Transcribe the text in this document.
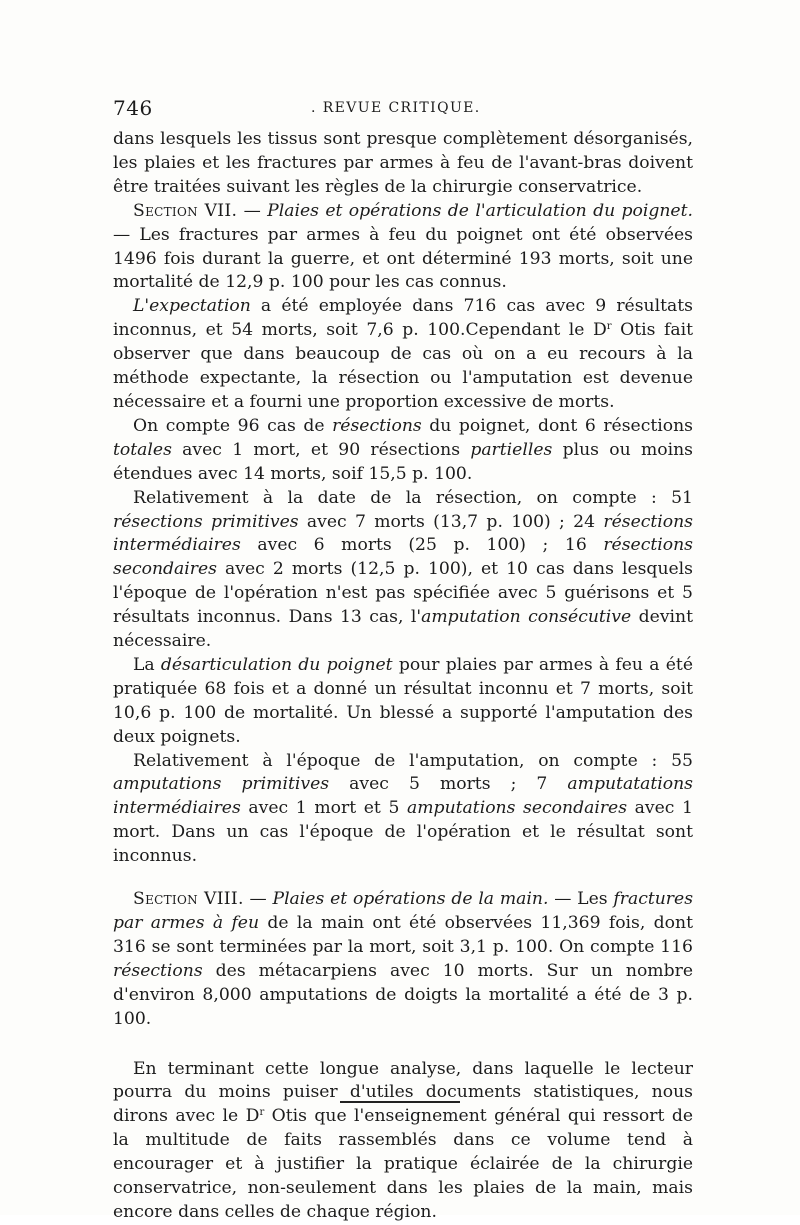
746	. REVUE CRITIQUE.

dans lesquels les tissus sont presque complètement désorganisés, les plaies et les fractures par armes à feu de l'avant-bras doivent être traitées suivant les règles de la chirurgie conservatrice.

Section VII. — Plaies et opérations de l'articulation du poignet.— Les fractures par armes à feu du poignet ont été observées 1496 fois durant la guerre, et ont déterminé 193 morts, soit une mortalité de 12,9 p. 100 pour les cas connus.

L'expectation a été employée dans 716 cas avec 9 résultats inconnus, et 54 morts, soit 7,6 p. 100.Cependant le $D^r$ Otis fait observer que dans beaucoup de cas où on a eu recours à la méthode expectante, la résection ou l'amputation est devenue nécessaire et a fourni une proportion excessive de morts.

On compte 96 cas de résections du poignet, dont 6 résections totales avec 1 mort, et 90 résections partielles plus ou moins étendues avec 14 morts, soif 15,5 p. 100.

Relativement à la date de la résection, on compte : 51 résections primitives avec 7 morts (13,7 p. 100) ; 24 résections intermédiaires avec 6 morts (25 p. 100) ; 16 résections secondaires avec 2 morts (12,5 p. 100), et 10 cas dans lesquels l'époque de l'opération n'est pas spécifiée avec 5 guérisons et 5 résultats inconnus. Dans 13 cas, l'amputation consécutive devint nécessaire.

La désarticulation du poignet pour plaies par armes à feu a été pratiquée 68 fois et a donné un résultat inconnu et 7 morts, soit 10,6 p. 100 de mortalité. Un blessé a supporté l'amputation des deux poignets.

Relativement à l'époque de l'amputation, on compte : 55 amputations primitives avec 5 morts ; 7 amputatations intermédiaires avec 1 mort et 5 amputations secondaires avec 1 mort. Dans un cas l'époque de l'opération et le résultat sont inconnus.

Section VIII. — Plaies et opérations de la main. — Les fractures par armes à feu de la main ont été observées 11,369 fois, dont 316 se sont terminées par la mort, soit 3,1 p. 100. On compte 116 résections des métacarpiens avec 10 morts. Sur un nombre d'environ 8,000 amputations de doigts la mortalité a été de 3 p. 100.

En terminant cette longue analyse, dans laquelle le lecteur pourra du moins puiser d'utiles documents statistiques, nous dirons avec le $D^r$ Otis que l'enseignement général qui ressort de la multitude de faits rassemblés dans ce volume tend à encourager et à justifier la pratique éclairée de la chirurgie conservatrice, non-seulement dans les plaies de la main, mais encore dans celles de chaque région.
